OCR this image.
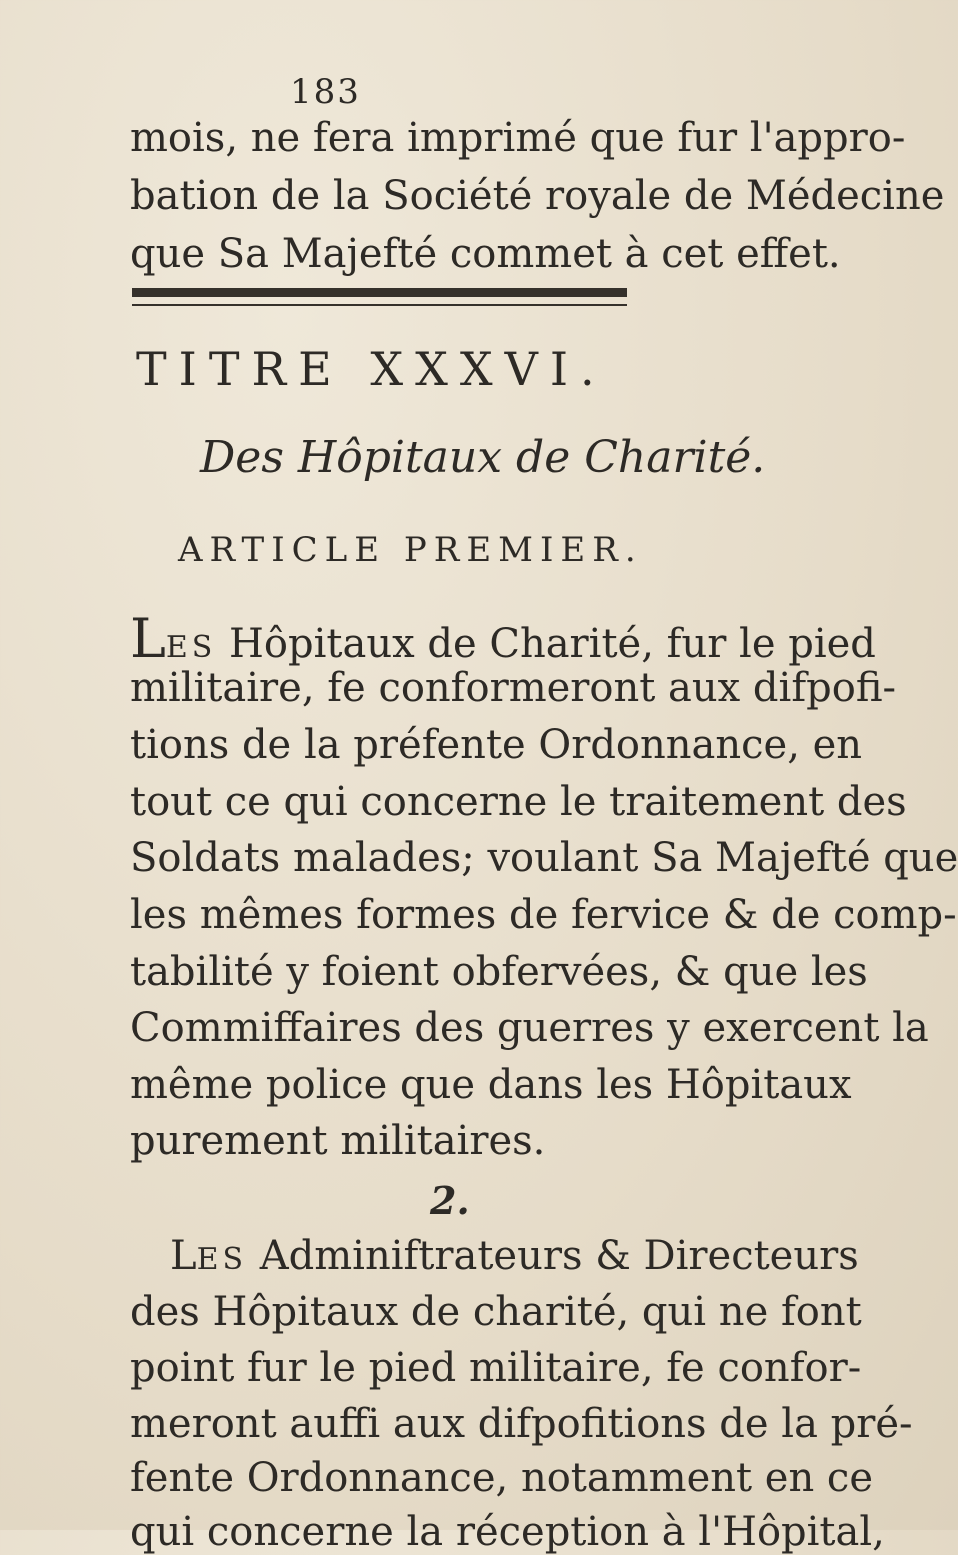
183
mois, ne fera imprimé que fur l'appro-
bation de la Société royale de Médecine
que Sa Majefté commet à cet effet.
TITRE XXXVI.
Des Hôpitaux de Charité.
ARTICLE PREMIER.
LES Hôpitaux de Charité, fur le pied
militaire, fe conformeront aux difpofi-
tions de la préfente Ordonnance, en
tout ce qui concerne le traitement des
Soldats malades; voulant Sa Majefté que
les mêmes formes de fervice & de comp-
tabilité y foient obfervées, & que les
Commiffaires des guerres y exercent la
même police que dans les Hôpitaux
purement militaires.
2.
LES Adminiftrateurs & Directeurs
des Hôpitaux de charité, qui ne font
point fur le pied militaire, fe confor-
meront auffi aux difpofitions de la pré-
fente Ordonnance, notamment en ce
qui concerne la réception à l'Hôpital,
